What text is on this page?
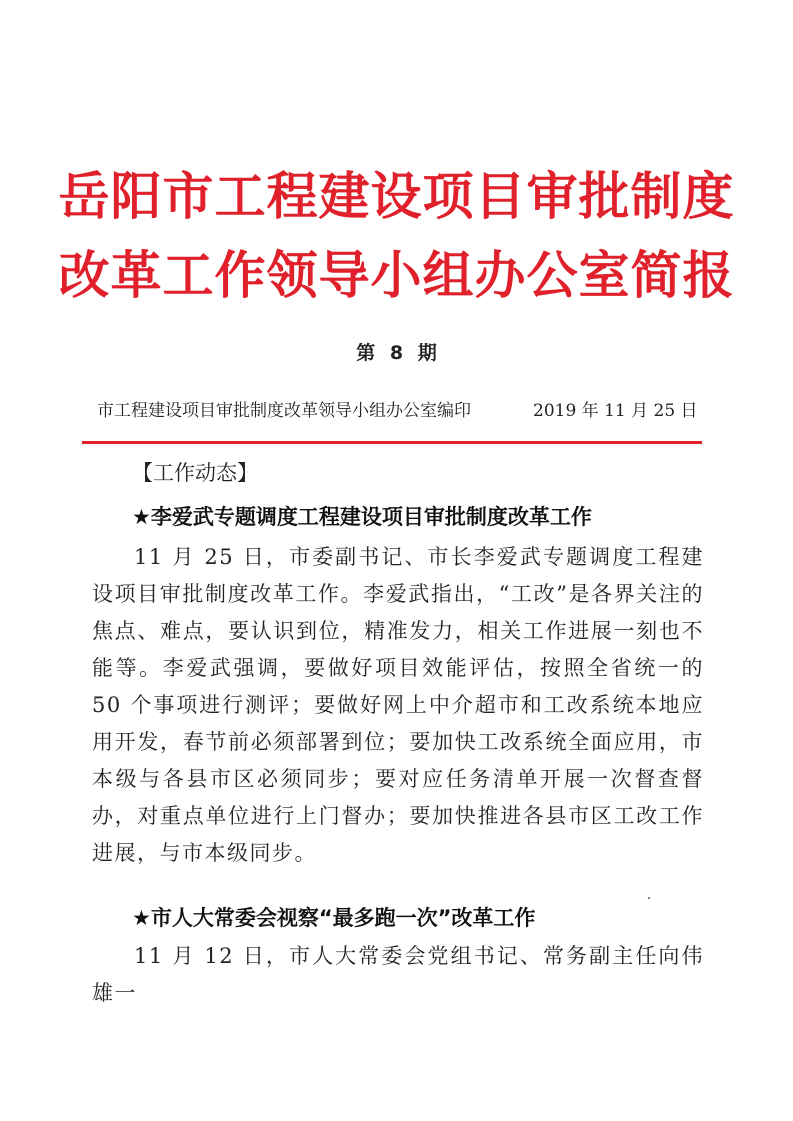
岳阳市工程建设项目审批制度
改革工作领导小组办公室简报
第 8 期
市工程建设项目审批制度改革领导小组办公室编印	2019 年 11 月 25 日
【工作动态】
★李爱武专题调度工程建设项目审批制度改革工作

11 月 25 日，市委副书记、市长李爱武专题调度工程建设项目审批制度改革工作。李爱武指出，“工改”是各界关注的焦点、难点，要认识到位，精准发力，相关工作进展一刻也不能等。李爱武强调，要做好项目效能评估，按照全省统一的 50 个事项进行测评；要做好网上中介超市和工改系统本地应用开发，春节前必须部署到位；要加快工改系统全面应用，市本级与各县市区必须同步；要对应任务清单开展一次督查督办，对重点单位进行上门督办；要加快推进各县市区工改工作进展，与市本级同步。

★市人大常委会视察“最多跑一次”改革工作

11 月 12 日，市人大常委会党组书记、常务副主任向伟雄一
